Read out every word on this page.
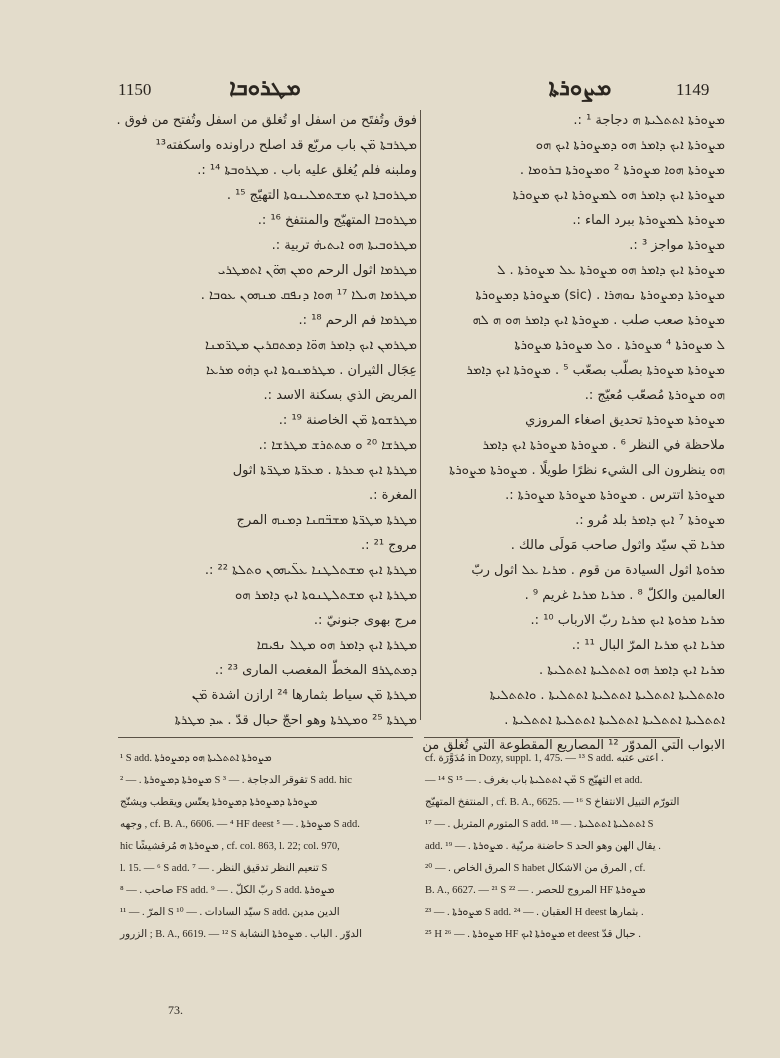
1150	ܡܛܪܘܒܐ	ܡܨܘܪܬܐ	1149

فوق وتُفتَح من اسفل او تُغلق من اسفل وتُفتح من فوق .

ܡܛܪܒܬܐ ܡ̈ܢ باب مربّع قد اصلح دراونده واسكفته¹³

وملبنه فلم يُغلق عليه باب . ܡܛܪܘܒܬܐ ¹⁴ :.

ܡܛܪܘܒܬܐ ܐܝܟ ܡܫܬܡܠܝܢܘܬܐ التهيّج ¹⁵ .

ܡܛܪܘܒܐ المتهيّج والمنتفخ ¹⁶ :.

ܡܛܪܘܒܝܬܐ ܗܘ ܐܝܬܝܗ̇ تربية :.

ܡܛܪܡܐ اثول الرحم ܘܡܢ ܗܘ̈ܢ ܐܬܡܛܪܝ

ܡܛܪܡܐ ܗܝܠܐ ¹⁷ ܗܘܐ ܕܢܦܩ ܡܢܗܘܢ ܥܘܒܐ .

ܡܛܪܡܐ فم الرحم ¹⁸ :.

ܡܛܪܡܢ ܐܝܟ ܕܐܡܪ ܗܘ̈ܐ ܕܡܬܩܪܝܢ ܡܛܪ̈ܡܢܐ

عِجَال الثيران . ܡܛܪܡܢܘܬܐ ܐܝܟ ܕܗ̇ܘ ܡܪܥܐ

المريض الذي بسكنة الاسد :.

ܡܛܪܫܘܬܐ ܡ̈ܢ الخاصنة ¹⁹ :.

ܡܛܪܫܐ ²⁰ ܘ ܡܬܬܪܫ ܡܛܪܫܐ :.

ܡܛܪܬܐ ܐܝܟ ܡܥܪܬܐ . ܡܥܪ̈ܬܐ ܡܛܪ̈ܬܐ اثول

المغرة :.

ܡܛܪܬܐ ܡܛܪ̈ܬܐ ܡܫܒ̈ܩܢܐ ܕܡܢܗ المرج

مروج ²¹ :.

ܡܛܪܬܐ ܐܝܟ ܡܫܬܠܛܢܐ ܥܠ̈ܝܗܘܢ ܘܬܠܬܐ ²² :.

ܡܛܪܬܐ ܐܝܟ ܡܫܬܠܛܢܘܬܐ ܐܝܟ ܕܐܡܪ ܗܘ

مرج بهوى جنونيّ :.

ܡܛܪܬܐ ܐܝܟ ܕܐܡܪ ܗܘ ܡܛܠ ܢܦܝܩܐ

ܕܡܬܛܪܦ المخطّ المغصب المارى ²³ :.

ܡܛܪܬܐ ܡ̈ܢ سياط بثمارها ²⁴ ارازن اشدة ܡ̈ܢ

ܡܛܪܬܐ ²⁵ ܘܡܛܪܬܐ وهو احجّ حبال قدّ . ܚܕ ܡܛܪܬܐ

ܡܨܘܪܬܐ ܐܬܬܠܝܬܐ ܗ دجاجة ¹ :.

ܡܨܘܪܬܐ ܐܝܟ ܕܐܡܪ ܗܘ ܕܡܨܘܪܬܐ ܐܝܟ ܗܘ

ܡܨܘܪܬܐ ܗܘܐ ܡܨܘܪܬܐ ² ܘܡܨܘܪܬܐ ܒܪܘܡܐ .

ܡܨܘܪܬܐ ܐܝܟ ܕܐܡܪ ܗܘ ܠܡܨܘܪܬܐ ܐܝܟ ܡܨܘܪܬܐ

ܡܨܘܪܬܐ ܠܡܨܘܪܬܐ ببرد الماء :.

ܡܨܘܪܬܐ مواجز ³ :.

ܡܨܘܪܬܐ ܐܝܟ ܕܐܡܪ ܗܘ ܡܨܘܪܬܐ ܥܠ ܡܨܘܪܬܐ . ܠ

ܡܨܘܪܬܐ ܕܡܨܘܪܬܐ ܢܘܗܪܐ . (sic) ܡܨܘܪܬܐ ܕܡܨܘܪܬܐ

ܡܨܘܪܬܐ صعب صلب . ܡܨܘܪܬܐ ܐܝܟ ܕܐܡܪ ܗܘ ܗ ܠܗ

ܠ ܡܨܘܪܬܐ ⁴ ܡܨܘܪܬܐ . ܘܠ ܡܨܘܪܬܐ ܡܨܘܪܬܐ

ܡܨܘܪܬܐ ܡܨܘܪܬܐ بصلّب بصعّب ⁵ . ܡܨܘܪܬܐ ܐܝܟ ܕܐܡܪ

ܗܘ ܡܨܘܪܬܐ مُصعّب مُعيّج :.

ܡܨܘܪܬܐ ܡܨܘܪܬܐ تحديق اصغاء المروزي

ملاحظة في النظر ⁶ . ܡܨܘܪܬܐ ܡܨܘܪܬܐ ܐܝܟ ܕܐܡܪ

ܗܘ ينظرون الى الشيء نظرًا طويلًا . ܡܨܘܪܬܐ ܡܨܘܪܬܐ

ܡܨܘܪܬܐ اتترس . ܡܨܘܪܬܐ ܡܨܘܪܬܐ ܡܨܘܪܬܐ :.

ܡܨܘܪܬܐ ⁷ ܐܝܟ ܕܐܡܪ بلد مُرو :.

ܡܪܝܐ ܡ̈ܢ سيّد واثول صاحب مَولَى مالك .

ܡܪܘܬܐ اثول السيادة من قوم . ܡܪܝܐ ܥܠ اثول ربّ

العالمين والكلّ ⁸ . ܡܪܝܐ ܡܪܝܐ غريم ⁹ .

ܡܪܝܐ ܡܪܘܬܐ ܐܝܟ ܡܪܝܐ ربّ الارباب ¹⁰ :.

ܡܪܝܐ ܐܝܟ ܡܪܝܐ المرّ البال ¹¹ :.

ܡܪܝܐ ܐܝܟ ܕܐܡܪ ܗܘ ܐܬܬܠܝܬܐ ܐܬܬܠܝܬܐ .

ܘܐܬܬܠܝܬܐ ܐܬܬܠܝܬܐ ܐܬܬܠܝܬܐ ܐܬܬܠܝܬܐ . ܘܐܬܬܠܝܬܐ

ܐܬܬܠܝܬܐ ܐܬܬܠܝܬܐ ܐܬܬܠܝܬܐ ܐܬܬܠܝܬܐ ܐܬܬܠܝܬܐ .

الابواب التي المدوّر ¹² المصاريع المقطوعة التي تُغلق من

¹ S add. ܡܨܘܪܬܐ ܐܬܬܠܝܬܐ ܗܘ ܕܡܨܘܪܬܐ

ܡܨܘܪܬܐ ܕܡܨܘܪܬܐ . — ² S تقوقر الدجاجة . — ³ S add. hic

ܡܨܘܪܬܐ ܕܡܨܘܪܬܐ ܕܡܨܘܪܬܐ يعتّس ويقطب ويشنّج

وجهه , cf. B. A., 6606. — ⁴ HF deest ܡܨܘܪܬܐ . — ⁵ S add.

hic ܡܨܘܪܬܐ ܗ مُرقشيشًا , cf. col. 863, l. 22; col. 970,

l. 15. — ⁶ S add. تنعيم النظر تدقيق النظر . — ⁷ S

صاحب . — ⁸ FS add. ربّ الكلّ . — ⁹ S add. ܡܨܘܪܬܐ

المرّ . — ¹¹ S سيّد السادات . — ¹⁰ S add. الدين مدين

الزرور ; B. A., 6619. — ¹² S الدوّر . الباب . ܡܨܘܪܬܐ النشابة

cf. مُدَوَّرَة in Dozy, suppl. 1, 475. — ¹³ S add. اعتى عتبه .

— ¹⁴ S ܡ̈ܢ ܐܬܬܠܝܬܐ باب بغرف . — ¹⁵ S التهيّج et add.

المنتفخ المتهيّج , cf. B. A., 6625. — ¹⁶ S التورّم التبيل الانتفاخ

المتورم المتربل . — ¹⁷ S add. ܐܬܬܠܝܬܐ ܐܬܬܠܝܬܐ . — ¹⁸ S

add. حاضنة مربّية . ܡܨܘܪܬܐ . — ¹⁹ S يقال الهن وهو الحد .

المرق الخاص . — ²⁰ S habet المرق من الاشكال , cf.

B. A., 6627. — ²¹ S المروج للحصر . — ²² HF ܡܨܘܪܬܐ

ܡܨܘܪܬܐ . — ²³ S add. العقبان . — ²⁴ H deest بثمارها .

²⁵ H ܡܨܘܪܬܐ . — ²⁶ HF ܡܨܘܪܬܐ ܐܝܟ et deest حبال قدّ .

73.
